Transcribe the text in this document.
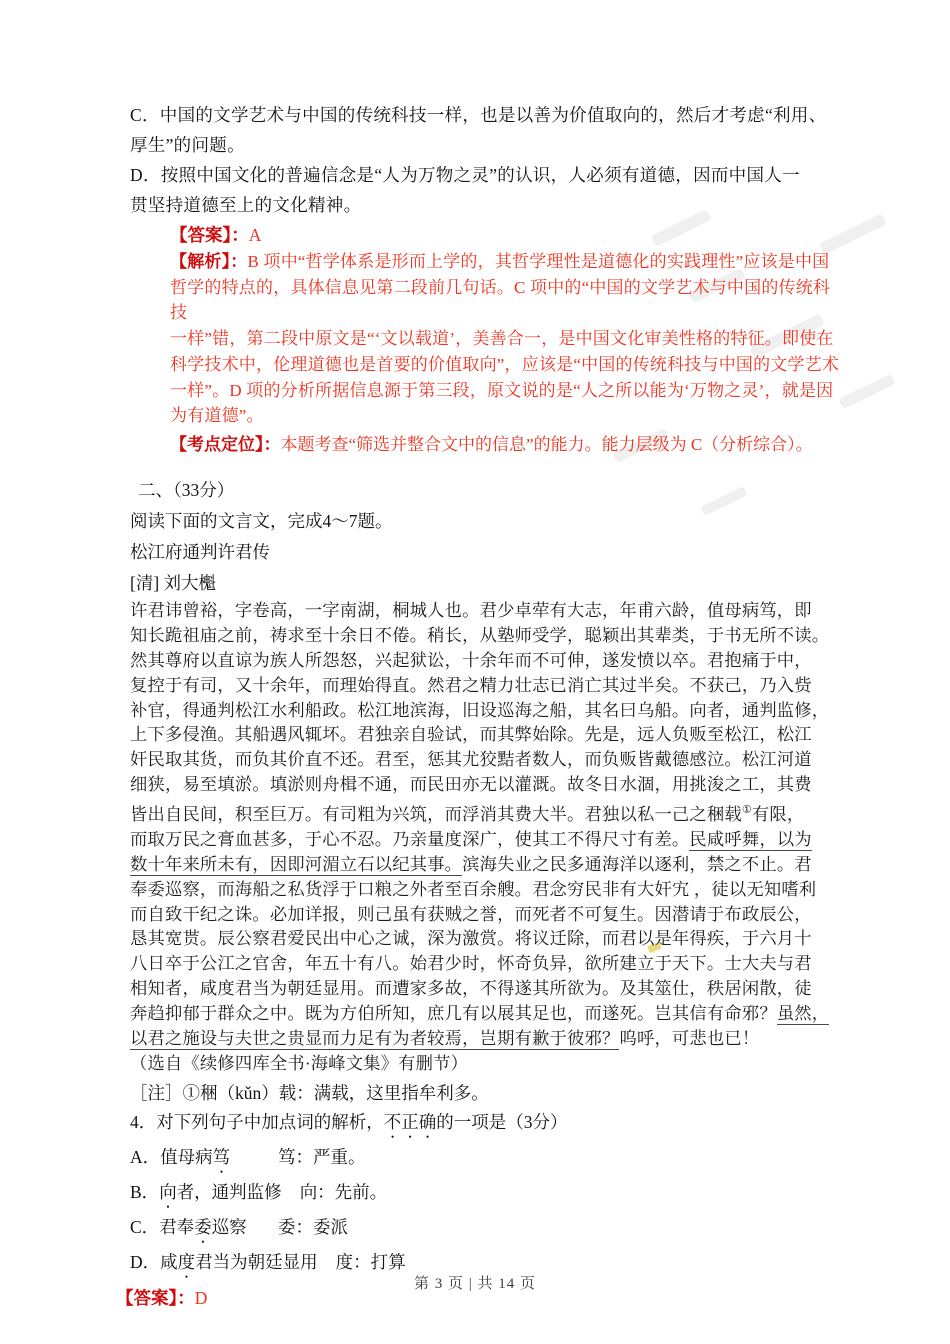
C．中国的文学艺术与中国的传统科技一样，也是以善为价值取向的，然后才考虑“利用、
厚生”的问题。
D．按照中国文化的普遍信念是“人为万物之灵”的认识，人必须有道德，因而中国人一
贯坚持道德至上的文化精神。
【答案】：A
【解析】：B 项中“哲学体系是形而上学的，其哲学理性是道德化的实践理性”应该是中国
哲学的特点的，具体信息见第二段前几句话。C 项中的“中国的文学艺术与中国的传统科技
一样”错，第二段中原文是“‘文以载道’，美善合一，是中国文化审美性格的特征。即使在
科学技术中，伦理道德也是首要的价值取向”，应该是“中国的传统科技与中国的文学艺术
一样”。D 项的分析所据信息源于第三段，原文说的是“人之所以能为‘万物之灵’，就是因
为有道德”。
【考点定位】：本题考查“筛选并整合文中的信息”的能力。能力层级为 C（分析综合）。
二、（33分）
阅读下面的文言文，完成4～7题。
松江府通判许君传
[清] 刘大櫆
许君讳曾裕，字卷高，一字南湖，桐城人也。君少卓荦有大志，年甫六龄，值母病笃，即
知长跪祖庙之前，祷求至十余日不倦。稍长，从塾师受学，聪颖出其辈类，于书无所不读。
然其尊府以直谅为族人所怨怒，兴起狱讼，十余年而不可伸，遂发愤以卒。君抱痛于中，
复控于有司，又十余年，而理始得直。然君之精力壮志已消亡其过半矣。不获己，乃入赀
补官，得通判松江水利船政。松江地滨海，旧设巡海之船，其名曰乌船。向者，通判监修，
上下多侵渔。其船遇风辄坏。君独亲自验试，而其弊始除。先是，远人负贩至松江，松江
奸民取其货，而负其价直不还。君至，惩其尤狡黠者数人，而负贩皆戴德感泣。松江河道
细狭，易至填淤。填淤则舟楫不通，而民田亦无以灌溉。故冬日水涸，用挑浚之工，其费
皆出自民间，积至巨万。有司粗为兴筑，而浮消其费大半。君独以私一己之稇载①有限，
而取万民之膏血甚多，于心不忍。乃亲量度深广，使其工不得尺寸有差。民咸呼舞，以为
数十年来所未有，因即河湄立石以纪其事。滨海失业之民多通海洋以逐利，禁之不止。君
奉委巡察，而海船之私货浮于口粮之外者至百余艘。君念穷民非有大奸宄 ，徒以无知嗜利
而自致干纪之诛。必加详报，则己虽有获贼之誉，而死者不可复生。因潜请于布政辰公，
恳其宽贳。辰公察君爱民出中心之诚，深为激赏。将议迁除，而君以是年得疾，于六月十
八日卒于公江之官舍，年五十有八。始君少时，怀奇负异，欲所建立于天下。士大夫与君
相知者，咸度君当为朝廷显用。而遭家多故，不得遂其所欲为。及其筮仕，秩居闲散，徒
奔趋抑郁于群众之中。既为方伯所知，庶几有以展其足也，而遂死。岂其信有命邪？虽然，
以君之施设与夫世之贵显而力足有为者较焉，岂期有歉于彼邪？呜呼，可悲也已！
（选自《续修四库全书·海峰文集》有删节）
［注］①稇（kǔn）载：满载，这里指牟利多。
4．对下列句子中加点词的解析，不正确的一项是（3分）
A．值母病笃	笃：严重。
B．向者，通判监修 向：先前。
C．君奉委巡察 委：委派
D．咸度君当为朝廷显用 度：打算
【答案】：D
第 3 页 | 共 14 页
